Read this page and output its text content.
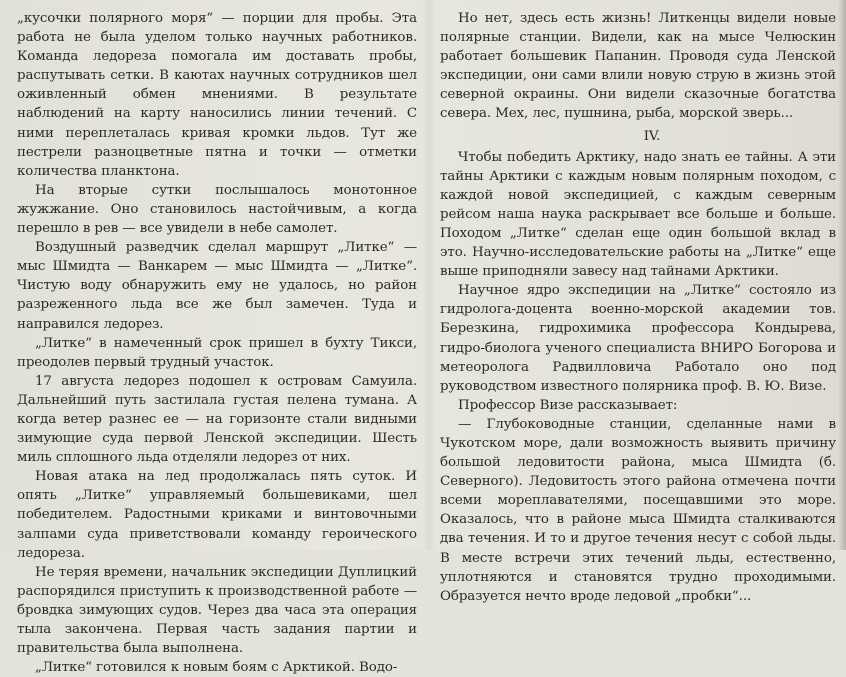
„кусочки полярного моря“ — порции для пробы. Эта работа не была уделом только научных работников. Команда ледореза помогала им доставать пробы, распутывать сетки. В каютах научных сотрудников шел оживленный обмен мнениями. В результате наблюдений на карту наносились линии течений. С ними переплеталась кривая кромки льдов. Тут же пестрели разноцветные пятна и точки — отметки количества планктона.

На вторые сутки послышалось монотонное жужжание. Оно становилось настойчивым, а когда перешло в рев — все увидели в небе самолет.

Воздушный разведчик сделал маршрут „Литке“ — мыс Шмидта — Ванкарем — мыс Шмидта — „Литке“. Чистую воду обнаружить ему не удалось, но район разреженного льда все же был замечен. Туда и направился ледорез.

„Литке“ в намеченный срок пришел в бухту Тикси, преодолев первый трудный участок.

17 августа ледорез подошел к островам Самуила. Дальнейший путь застилала густая пелена тумана. А когда ветер разнес ее — на горизонте стали видными зимующие суда первой Ленской экспедиции. Шесть миль сплошного льда отделяли ледорез от них.

Новая атака на лед продолжалась пять суток. И опять „Литке“ управляемый большевиками, шел победителем. Радостными криками и винтовочными залпами суда приветствовали команду героического ледореза.

Не теряя времени, начальник экспедиции Дуплицкий распорядился приступить к производственной работе — бровдка зимующих судов. Через два часа эта операция тыла закончена. Первая часть задания партии и правительства была выполнена.

„Литке“ готовился к новым боям с Арктикой. Водо-

Но нет, здесь есть жизнь! Литкенцы видели новые полярные станции. Видели, как на мысе Челюскин работает большевик Папанин. Проводя суда Ленской экспедиции, они сами влили новую струю в жизнь этой северной окраины. Они видели сказочные богатства севера. Мех, лес, пушнина, рыба, морской зверь...

IV.

Чтобы победить Арктику, надо знать ее тайны. А эти тайны Арктики с каждым новым полярным походом, с каждой новой экспедицией, с каждым северным рейсом наша наука раскрывает все больше и больше. Походом „Литке“ сделан еще один большой вклад в это. Научно-исследовательские работы на „Литке“ еще выше приподняли завесу над тайнами Арктики.

Научное ядро экспедиции на „Литке“ состояло из гидролога-доцента военно-морской академии тов. Березкина, гидрохимика профессора Кондырева, гидро-биолога ученого специалиста ВНИРО Богорова и метеоролога Радвилловича Работало оно под руководством известного полярника проф. В. Ю. Визе.

Профессор Визе рассказывает:

— Глубоководные станции, сделанные нами в Чукотском море, дали возможность выявить причину большой ледовитости района, мыса Шмидта (б. Северного). Ледовитость этого района отмечена почти всеми мореплавателями, посещавшими это море. Оказалось, что в районе мыса Шмидта сталкиваются два течения. И то и другое течения несут с собой льды. В месте встречи этих течений льды, естественно, уплотняются и становятся трудно проходимыми. Образуется нечто вроде ледовой „пробки“...
